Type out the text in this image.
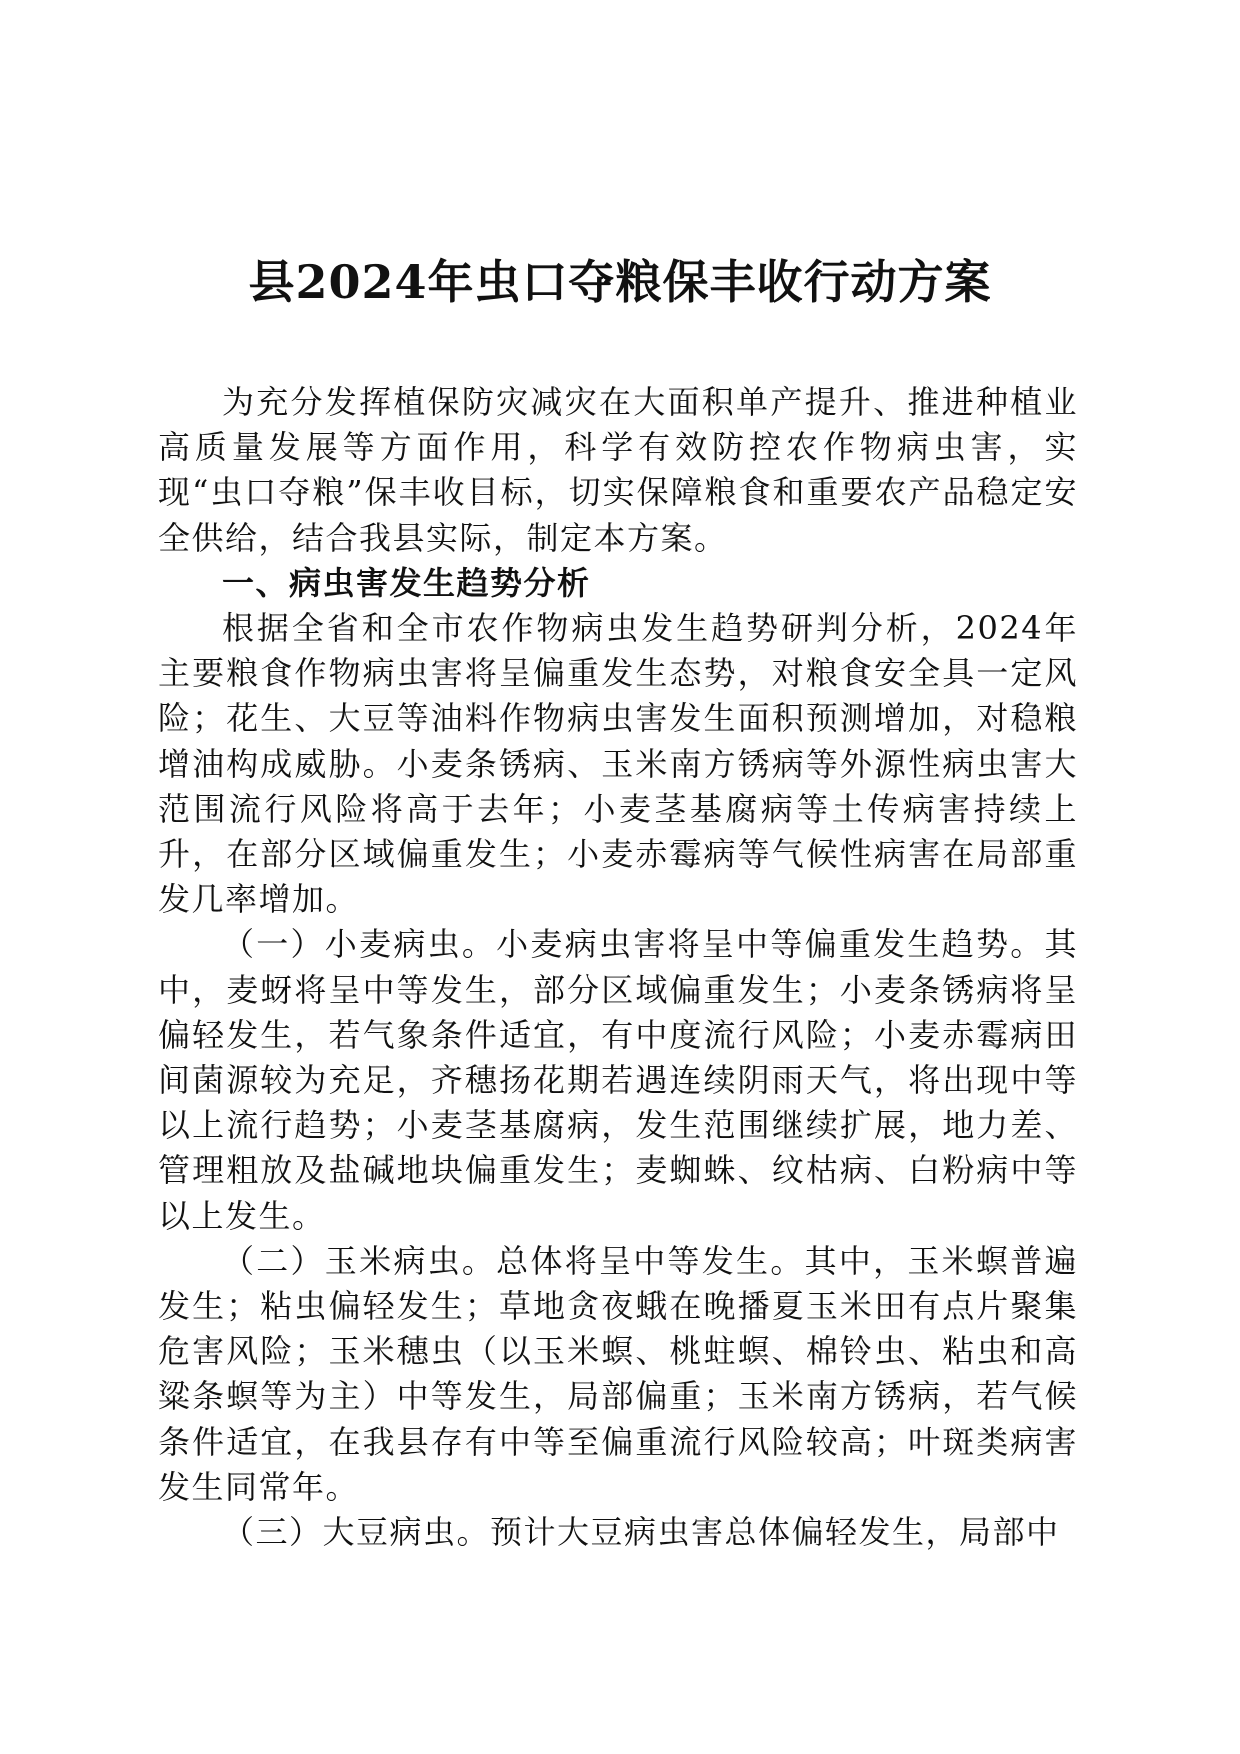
县2024年虫口夺粮保丰收行动方案

为充分发挥植保防灾减灾在大面积单产提升、推进种植业高质量发展等方面作用，科学有效防控农作物病虫害，实现“虫口夺粮”保丰收目标，切实保障粮食和重要农产品稳定安全供给，结合我县实际，制定本方案。

一、病虫害发生趋势分析

根据全省和全市农作物病虫发生趋势研判分析，2024年主要粮食作物病虫害将呈偏重发生态势，对粮食安全具一定风险；花生、大豆等油料作物病虫害发生面积预测增加，对稳粮增油构成威胁。小麦条锈病、玉米南方锈病等外源性病虫害大范围流行风险将高于去年；小麦茎基腐病等土传病害持续上升，在部分区域偏重发生；小麦赤霉病等气候性病害在局部重发几率增加。

（一）小麦病虫。小麦病虫害将呈中等偏重发生趋势。其中，麦蚜将呈中等发生，部分区域偏重发生；小麦条锈病将呈偏轻发生，若气象条件适宜，有中度流行风险；小麦赤霉病田间菌源较为充足，齐穗扬花期若遇连续阴雨天气，将出现中等以上流行趋势；小麦茎基腐病，发生范围继续扩展，地力差、管理粗放及盐碱地块偏重发生；麦蜘蛛、纹枯病、白粉病中等以上发生。

（二）玉米病虫。总体将呈中等发生。其中，玉米螟普遍发生；粘虫偏轻发生；草地贪夜蛾在晚播夏玉米田有点片聚集危害风险；玉米穗虫（以玉米螟、桃蛀螟、棉铃虫、粘虫和高粱条螟等为主）中等发生，局部偏重；玉米南方锈病，若气候条件适宜，在我县存有中等至偏重流行风险较高；叶斑类病害发生同常年。

（三）大豆病虫。预计大豆病虫害总体偏轻发生，局部中
